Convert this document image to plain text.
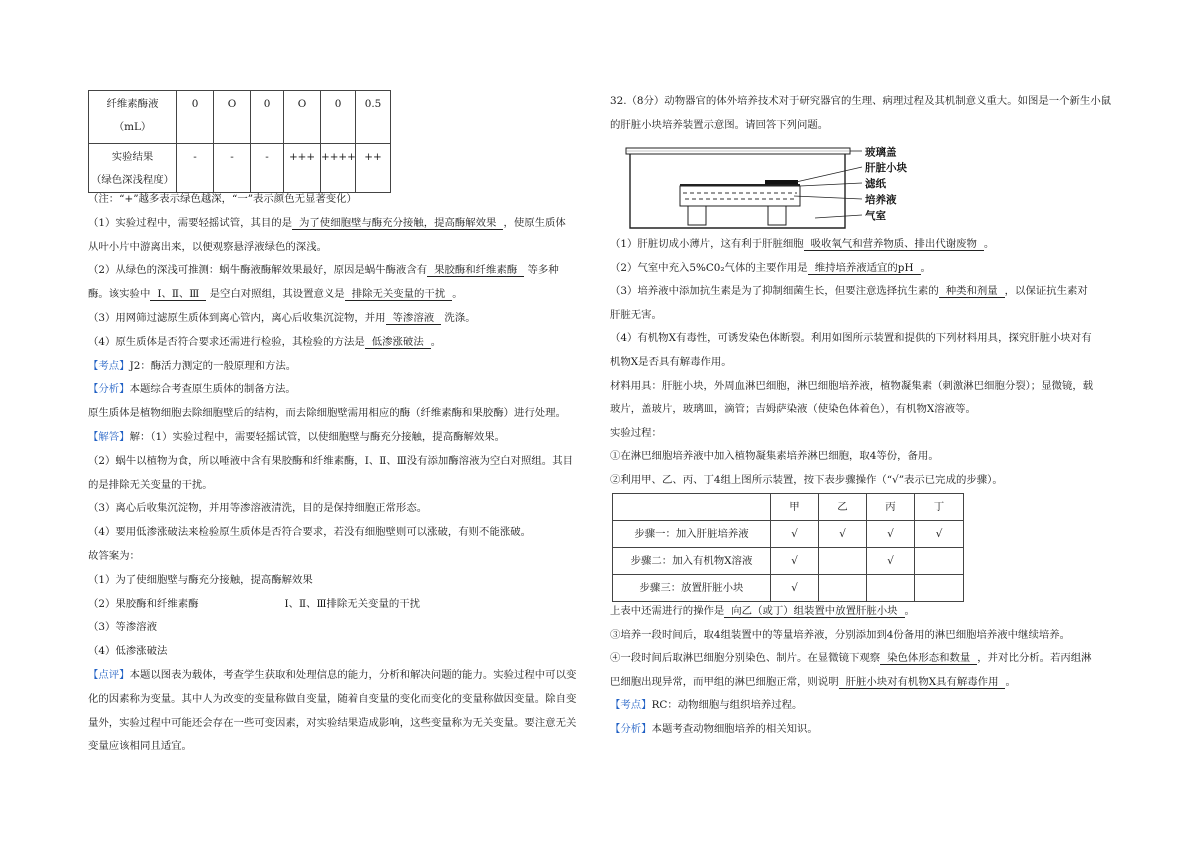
纤维素酶液
（mL）	0	O	0	O	0	0.5

实验结果
（绿色深浅程度）	-	-	-	+++	++++	++
（注：“+”越多表示绿色越深，“一”表示颜色无显著变化）
（1）实验过程中，需要轻摇试管，其目的是 为了使细胞壁与酶充分接触，提高酶解效果 ，使原生质体
从叶小片中游离出来，以便观察悬浮液绿色的深浅。
（2）从绿色的深浅可推测：蜗牛酶液酶解效果最好，原因是蜗牛酶液含有 果胶酶和纤维素酶 等多种
酶。该实验中 Ⅰ、Ⅱ、Ⅲ 是空白对照组，其设置意义是 排除无关变量的干扰 。
（3）用网筛过滤原生质体到离心管内，离心后收集沉淀物，并用 等渗溶液 洗涤。
（4）原生质体是否符合要求还需进行检验，其检验的方法是 低渗涨破法 。
【考点】J2：酶活力测定的一般原理和方法。
【分析】本题综合考查原生质体的制备方法。
原生质体是植物细胞去除细胞壁后的结构，而去除细胞壁需用相应的酶（纤维素酶和果胶酶）进行处理。
【解答】解：（1）实验过程中，需要轻摇试管，以使细胞壁与酶充分接触，提高酶解效果。
（2）蜗牛以植物为食，所以唾液中含有果胶酶和纤维素酶，Ⅰ、Ⅱ、Ⅲ没有添加酶溶液为空白对照组。其目
的是排除无关变量的干扰。
（3）离心后收集沉淀物，并用等渗溶液清洗，目的是保持细胞正常形态。
（4）要用低渗涨破法来检验原生质体是否符合要求，若没有细胞壁则可以涨破，有则不能涨破。
故答案为：
（1）为了使细胞壁与酶充分接触，提高酶解效果
（2）果胶酶和纤维素酶	Ⅰ、Ⅱ、Ⅲ排除无关变量的干扰
（3）等渗溶液
（4）低渗涨破法
【点评】本题以图表为载体，考查学生获取和处理信息的能力，分析和解决问题的能力。实验过程中可以变
化的因素称为变量。其中人为改变的变量称做自变量，随着自变量的变化而变化的变量称做因变量。除自变
量外，实验过程中可能还会存在一些可变因素，对实验结果造成影响，这些变量称为无关变量。要注意无关
变量应该相同且适宜。
32.（8分）动物器官的体外培养技术对于研究器官的生理、病理过程及其机制意义重大。如图是一个新生小鼠
的肝脏小块培养装置示意图。请回答下列问题。
玻璃盖
肝脏小块
滤纸
培养液
气室
（1）肝脏切成小薄片，这有利于肝脏细胞 吸收氧气和营养物质、排出代谢废物 。
（2）气室中充入5%C0₂气体的主要作用是 维持培养液适宜的pH 。
（3）培养液中添加抗生素是为了抑制细菌生长，但要注意选择抗生素的 种类和剂量 ，以保证抗生素对
肝脏无害。
（4）有机物X有毒性，可诱发染色体断裂。利用如图所示装置和提供的下列材料用具，探究肝脏小块对有
机物X是否具有解毒作用。
材料用具：肝脏小块，外周血淋巴细胞，淋巴细胞培养液，植物凝集素（刺激淋巴细胞分裂）；显微镜，载
玻片，盖玻片，玻璃皿，滴管；吉姆萨染液（使染色体着色），有机物X溶液等。
实验过程：
①在淋巴细胞培养液中加入植物凝集素培养淋巴细胞，取4等份，备用。
②利用甲、乙、丙、丁4组上图所示装置，按下表步骤操作（“√”表示已完成的步骤）。
	甲	乙	丙	丁
步骤一：加入肝脏培养液	√	√	√	√
步骤二：加入有机物X溶液	√		√	
步骤三：放置肝脏小块	√			
上表中还需进行的操作是 向乙（或丁）组装置中放置肝脏小块 。
③培养一段时间后，取4组装置中的等量培养液，分别添加到4份备用的淋巴细胞培养液中继续培养。
④一段时间后取淋巴细胞分别染色、制片。在显微镜下观察 染色体形态和数量 ，并对比分析。若丙组淋
巴细胞出现异常，而甲组的淋巴细胞正常，则说明 肝脏小块对有机物X具有解毒作用 。
【考点】RC：动物细胞与组织培养过程。
【分析】本题考查动物细胞培养的相关知识。
